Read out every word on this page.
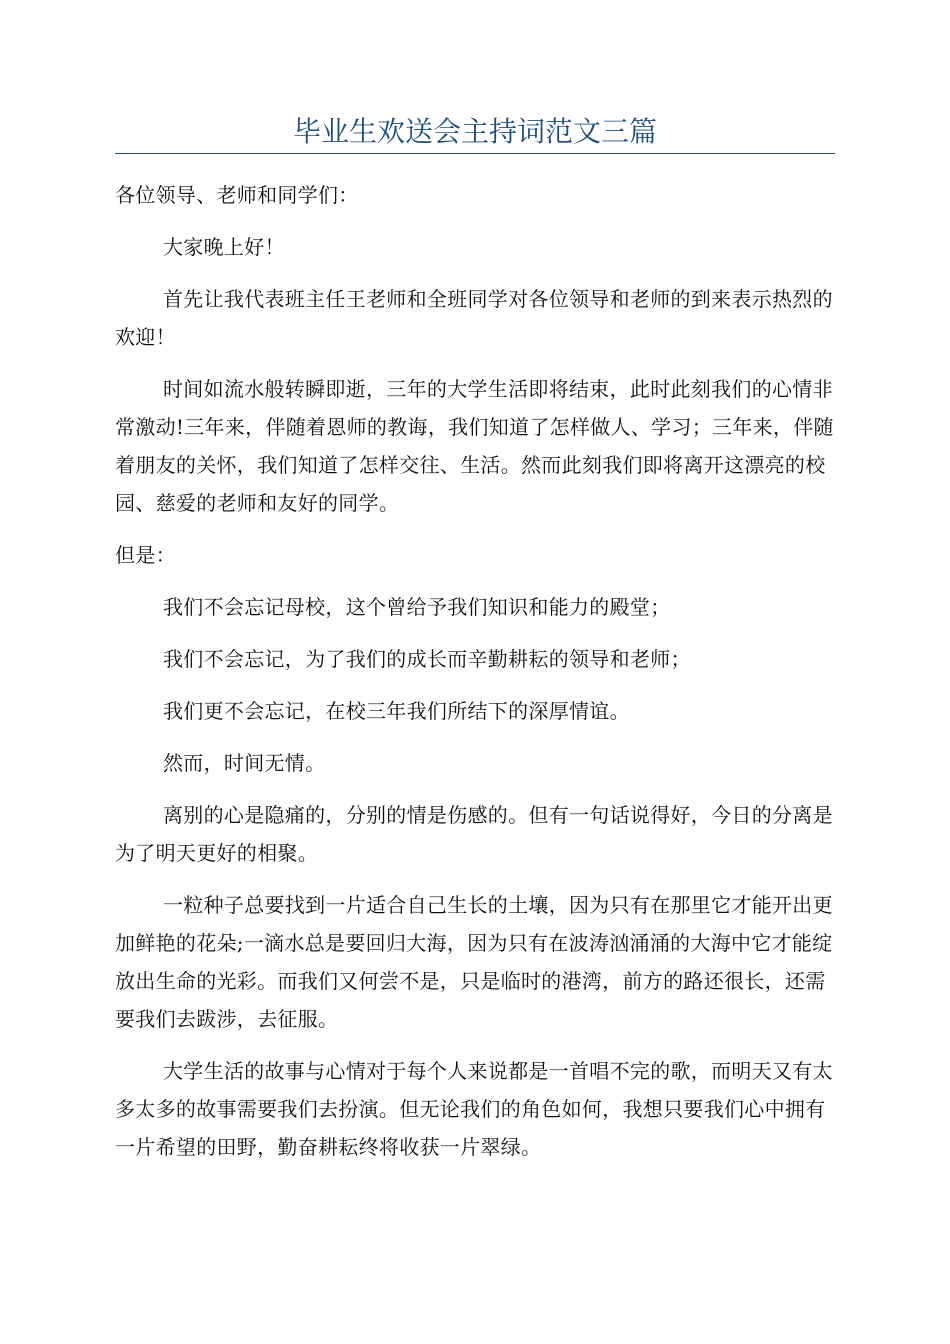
毕业生欢送会主持词范文三篇

各位领导、老师和同学们：

大家晚上好！

首先让我代表班主任王老师和全班同学对各位领导和老师的到来表示热烈的欢迎！

时间如流水般转瞬即逝，三年的大学生活即将结束，此时此刻我们的心情非常激动!三年来，伴随着恩师的教诲，我们知道了怎样做人、学习；三年来，伴随着朋友的关怀，我们知道了怎样交往、生活。然而此刻我们即将离开这漂亮的校园、慈爱的老师和友好的同学。

但是：

我们不会忘记母校，这个曾给予我们知识和能力的殿堂；

我们不会忘记，为了我们的成长而辛勤耕耘的领导和老师；

我们更不会忘记，在校三年我们所结下的深厚情谊。

然而，时间无情。

离别的心是隐痛的，分别的情是伤感的。但有一句话说得好，今日的分离是为了明天更好的相聚。

一粒种子总要找到一片适合自己生长的土壤，因为只有在那里它才能开出更加鲜艳的花朵;一滴水总是要回归大海，因为只有在波涛汹涌涌的大海中它才能绽放出生命的光彩。而我们又何尝不是，只是临时的港湾，前方的路还很长，还需要我们去跋涉，去征服。

大学生活的故事与心情对于每个人来说都是一首唱不完的歌，而明天又有太多太多的故事需要我们去扮演。但无论我们的角色如何，我想只要我们心中拥有一片希望的田野，勤奋耕耘终将收获一片翠绿。
